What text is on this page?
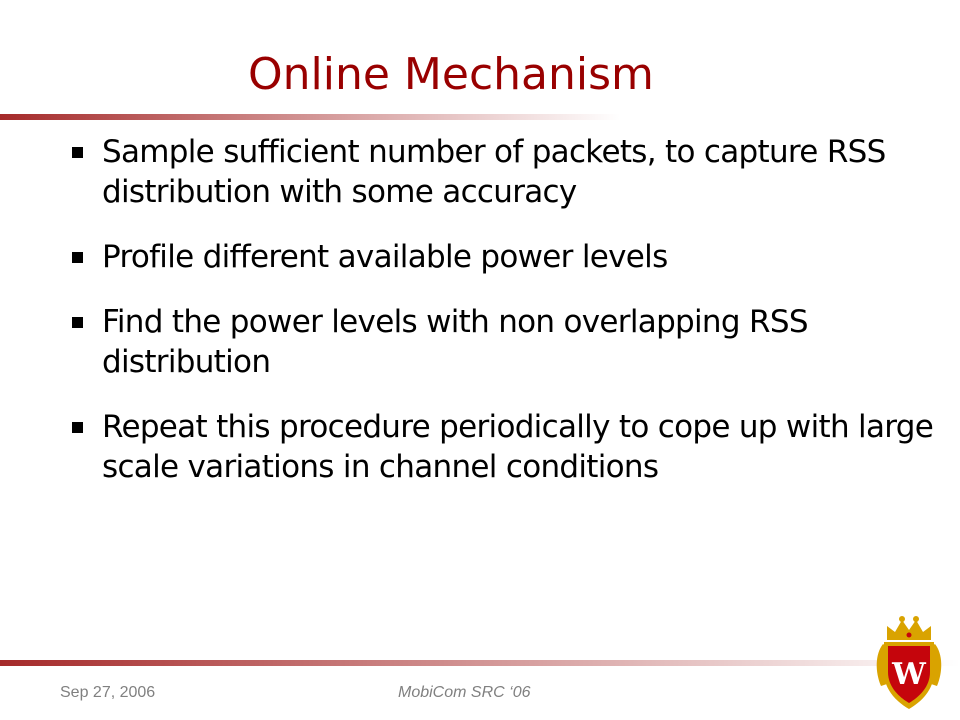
Online Mechanism
Sample sufficient number of packets, to capture RSS distribution with some accuracy
Profile different available power levels
Find the power levels with non overlapping RSS distribution
Repeat this procedure periodically to cope up with large scale variations in channel conditions
Sep 27, 2006	MobiCom SRC ‘06
W
